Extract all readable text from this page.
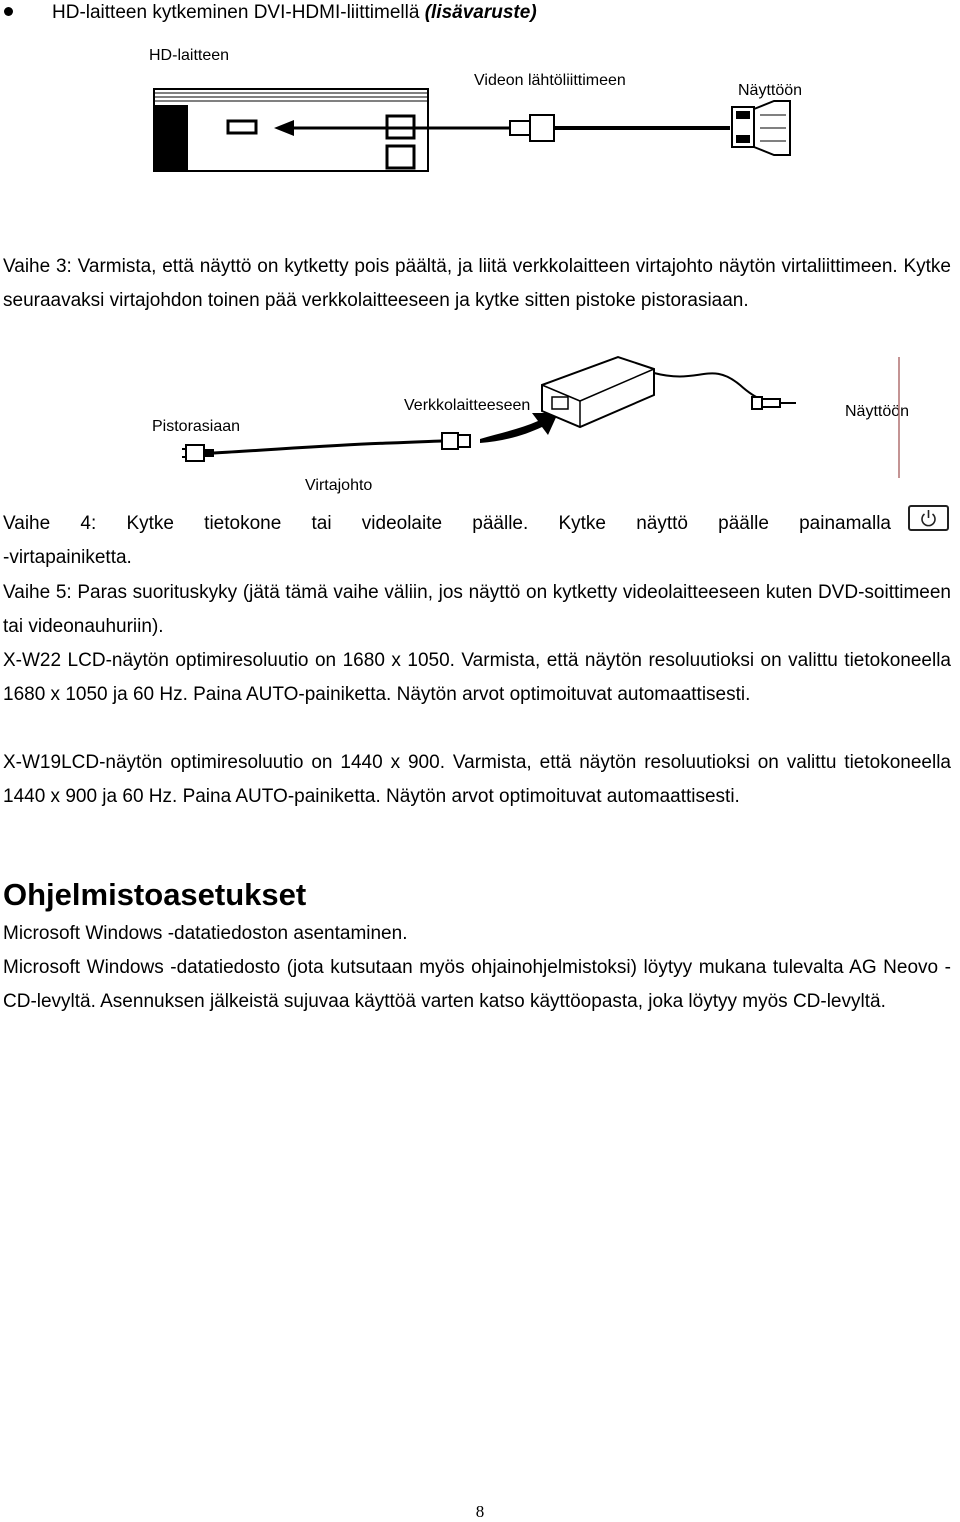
HD-laitteen kytkeminen DVI-HDMI-liittimellä (lisävaruste)
HD-laitteen
Videon lähtöliittimeen
Näyttöön

Vaihe 3: Varmista, että näyttö on kytketty pois päältä, ja liitä verkkolaitteen virtajohto näytön virtaliittimeen. Kytke seuraavaksi virtajohdon toinen pää verkkolaitteeseen ja kytke sitten pistoke pistorasiaan.

Pistorasiaan
Verkkolaitteeseen	Näyttöön
Virtajohto
Vaihe 4: Kytke tietokone tai videolaite päälle. Kytke näyttö päälle painamalla
-virtapainiketta.

Vaihe 5: Paras suorituskyky (jätä tämä vaihe väliin, jos näyttö on kytketty videolaitteeseen kuten DVD-soittimeen tai videonauhuriin).

X-W22 LCD-näytön optimiresoluutio on 1680 x 1050. Varmista, että näytön resoluutioksi on valittu tietokoneella 1680 x 1050 ja 60 Hz. Paina AUTO-painiketta. Näytön arvot optimoituvat automaattisesti.

X-W19LCD-näytön optimiresoluutio on 1440 x 900. Varmista, että näytön resoluutioksi on valittu tietokoneella 1440 x 900 ja 60 Hz. Paina AUTO-painiketta. Näytön arvot optimoituvat automaattisesti.

Ohjelmistoasetukset

Microsoft Windows -datatiedoston asentaminen.

Microsoft Windows -datatiedosto (jota kutsutaan myös ohjainohjelmistoksi) löytyy mukana tulevalta AG Neovo -CD-levyltä. Asennuksen jälkeistä sujuvaa käyttöä varten katso käyttöopasta, joka löytyy myös CD-levyltä.

8
